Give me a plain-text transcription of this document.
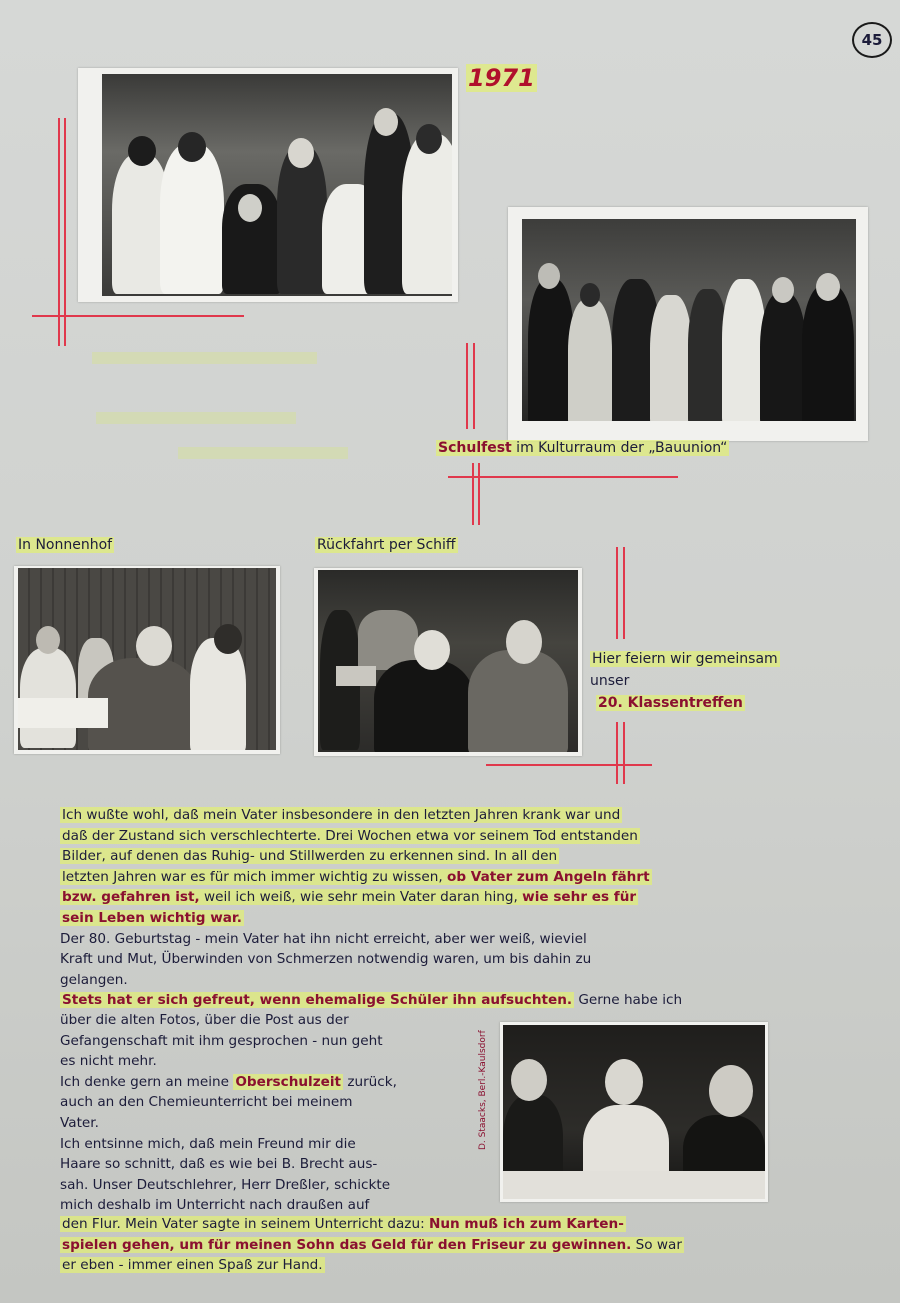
45
1971
Schulfest im Kulturraum der „Bauunion“
In Nonnenhof	Rückfahrt per Schiff
Hier feiern wir gemeinsam
unser
20. Klassentreffen
Ich wußte wohl, daß mein Vater insbesondere in den letzten Jahren krank war und
daß der Zustand sich verschlechterte. Drei Wochen etwa vor seinem Tod entstanden
Bilder, auf denen das Ruhig- und Stillwerden zu erkennen sind. In all den
letzten Jahren war es für mich immer wichtig zu wissen, ob Vater zum Angeln fährt
bzw. gefahren ist, weil ich weiß, wie sehr mein Vater daran hing, wie sehr es für
sein Leben wichtig war.
Der 80. Geburtstag - mein Vater hat ihn nicht erreicht, aber wer weiß, wieviel
Kraft und Mut, Überwinden von Schmerzen notwendig waren, um bis dahin zu
gelangen.
Stets hat er sich gefreut, wenn ehemalige Schüler ihn aufsuchten. Gerne habe ich
über die alten Fotos, über die Post aus der
Gefangenschaft mit ihm gesprochen - nun geht
es nicht mehr.
Ich denke gern an meine Oberschulzeit zurück,
auch an den Chemieunterricht bei meinem
Vater.
Ich entsinne mich, daß mein Freund mir die
Haare so schnitt, daß es wie bei B. Brecht aus-
sah. Unser Deutschlehrer, Herr Dreßler, schickte
mich deshalb im Unterricht nach draußen auf
den Flur. Mein Vater sagte in seinem Unterricht dazu: Nun muß ich zum Karten-
spielen gehen, um für meinen Sohn das Geld für den Friseur zu gewinnen. So war
er eben - immer einen Spaß zur Hand.
D. Staacks, Berl.-Kaulsdorf
